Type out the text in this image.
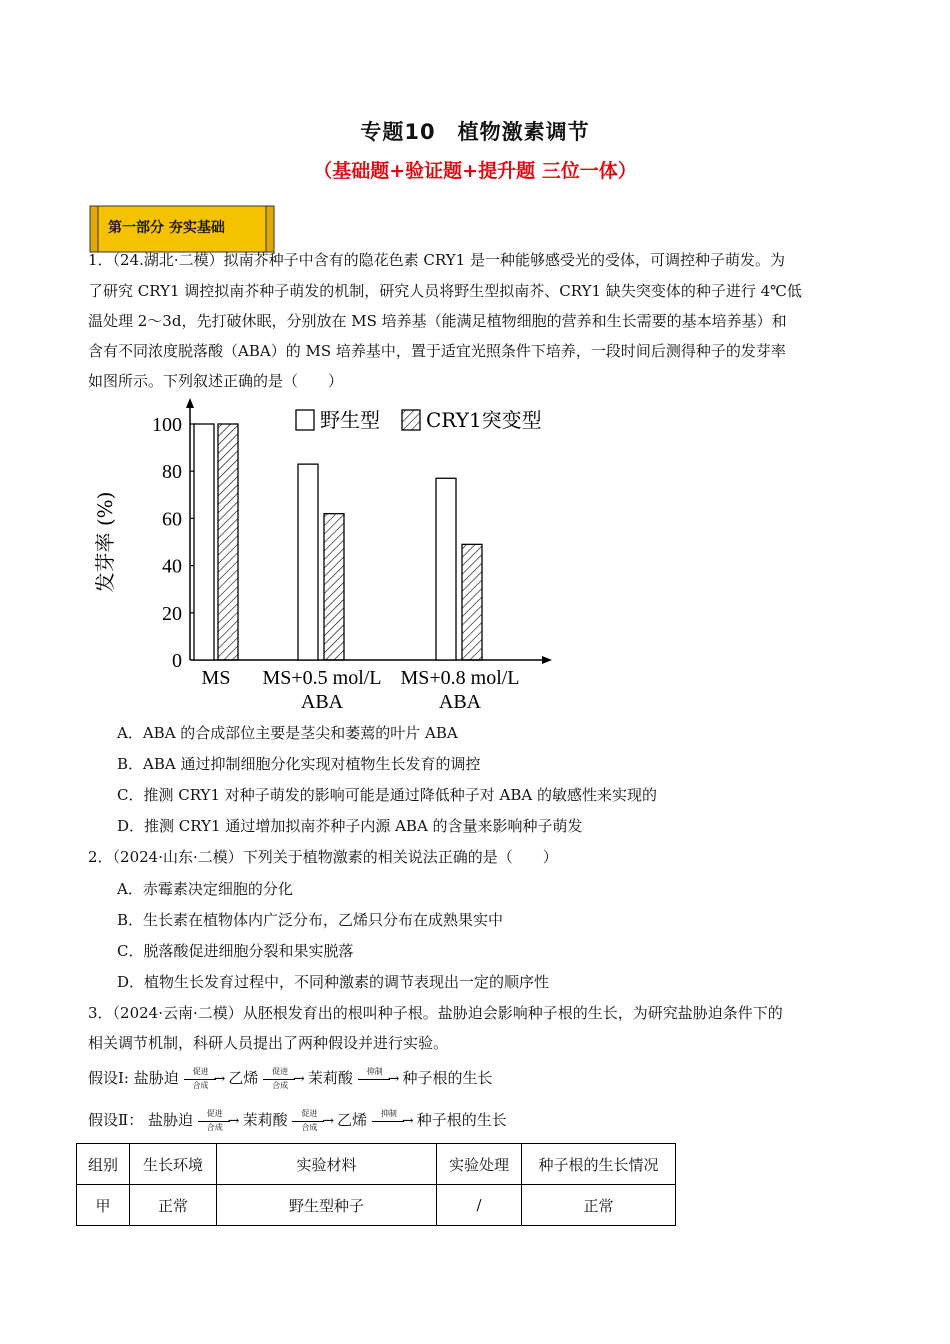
专题10　植物激素调节
（基础题+验证题+提升题 三位一体）
第一部分 夯实基础
1．（24.湖北·二模）拟南芥种子中含有的隐花色素 CRY1 是一种能够感受光的受体，可调控种子萌发。为
了研究 CRY1 调控拟南芥种子萌发的机制，研究人员将野生型拟南芥、CRY1 缺失突变体的种子进行 4℃低
温处理 2～3d，先打破休眠，分别放在 MS 培养基（能满足植物细胞的营养和生长需要的基本培养基）和
含有不同浓度脱落酸（ABA）的 MS 培养基中，置于适宜光照条件下培养，一段时间后测得种子的发芽率
如图所示。下列叙述正确的是（　　）
0
20
40
60
80
100
发芽率 (%)
MS MS+0.5 mol/L
ABA
MS+0.8 mol/L
ABA
野生型 CRY1突变型
A．ABA 的合成部位主要是茎尖和萎蔫的叶片 ABA
B．ABA 通过抑制细胞分化实现对植物生长发育的调控
C．推测 CRY1 对种子萌发的影响可能是通过降低种子对 ABA 的敏感性来实现的
D．推测 CRY1 通过增加拟南芥种子内源 ABA 的含量来影响种子萌发
2．（2024·山东·二模）下列关于植物激素的相关说法正确的是（　　）
A．赤霉素决定细胞的分化
B．生长素在植物体内广泛分布，乙烯只分布在成熟果实中
C．脱落酸促进细胞分裂和果实脱落
D．植物生长发育过程中，不同种激素的调节表现出一定的顺序性
3．（2024·云南·二模）从胚根发育出的根叫种子根。盐胁迫会影响种子根的生长，为研究盐胁迫条件下的
相关调节机制，科研人员提出了两种假设并进行实验。
假设Ⅰ: 盐胁迫	促进 →
合成	乙烯	促进 →
合成	茉莉酸	抑制 → 种子根的生长
假设Ⅱ： 盐胁迫	促进 →
合成	茉莉酸	促进 →
合成	乙烯	抑制 → 种子根的生长
组别	生长环境	实验材料	实验处理	种子根的生长情况
甲	正常	野生型种子	/	正常
